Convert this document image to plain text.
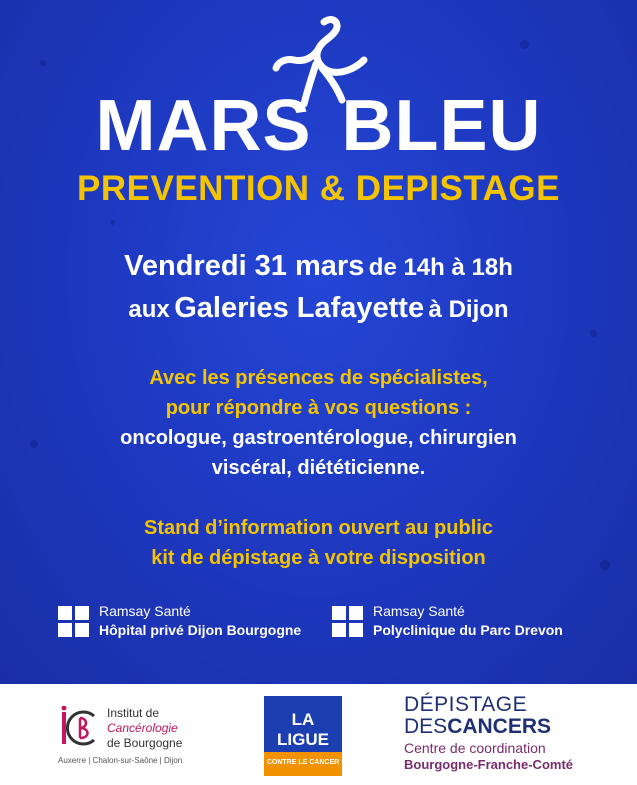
MARS BLEU
PREVENTION & DEPISTAGE
Vendredi 31 mars de 14h à 18h
aux Galeries Lafayette à Dijon
Avec les présences de spécialistes,
pour répondre à vos questions :
oncologue, gastroentérologue, chirurgien
viscéral, diététicienne.
Stand d’information ouvert au public
kit de dépistage à votre disposition
Ramsay Santé
Hôpital privé Dijon Bourgogne
Ramsay Santé
Polyclinique du Parc Drevon
Institut de
Cancérologie
de Bourgogne
Auxerre | Chalon-sur-Saône | Dijon
LA LIGUE
CONTRE LE CANCER
DÉPISTAGE
DESCANCERS
Centre de coordination
Bourgogne-Franche-Comté
